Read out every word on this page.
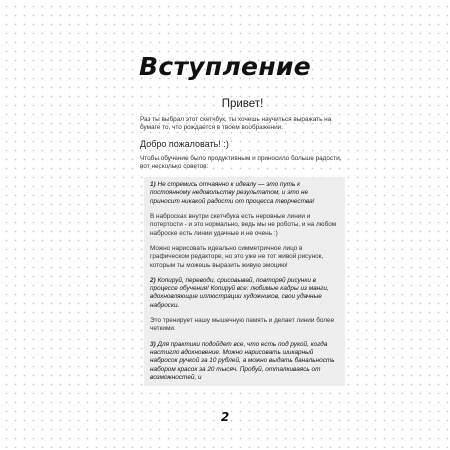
Вступление
Привет!
Раз ты выбрал этот скетчбук, ты хочешь научиться выражать на бумаге то, что рождается в твоем воображении.
Добро пожаловать! :)
Чтобы обучение было продуктивным и приносило больше радости, вот несколько советов:
1) Не стремись отчаянно к идеалу — это путь к постоянному недовольству результатом, и это не приносит никакой радости от процесса творчества!
В набросках внутри скетчбука есть неровные линии и потертости - и это нормально, ведь мы не роботы, и на любом наброске есть линии удачные и не очень :)
Можно нарисовать идеально симметричное лицо в графическом редакторе, но это уже не тот живой рисунок, которым ты можешь выразить живую эмоцию!
2) Копируй, переводи, срисовывай, повторяй рисунки в процессе обучения! Копируй все: любимые кадры из манги, вдохновляющие иллюстрации художников, свои удачные наброски.
Это тренирует нашу мышечную память и делает линии более четкими.
3) Для практики подойдет все, что есть под рукой, когда настигло вдохновение. Можно нарисовать шикарный набросок ручкой за 10 рублей, а можно выдать банальность набором красок за 20 тысяч. Пробуй, отталкиваясь от возможностей, и
2
